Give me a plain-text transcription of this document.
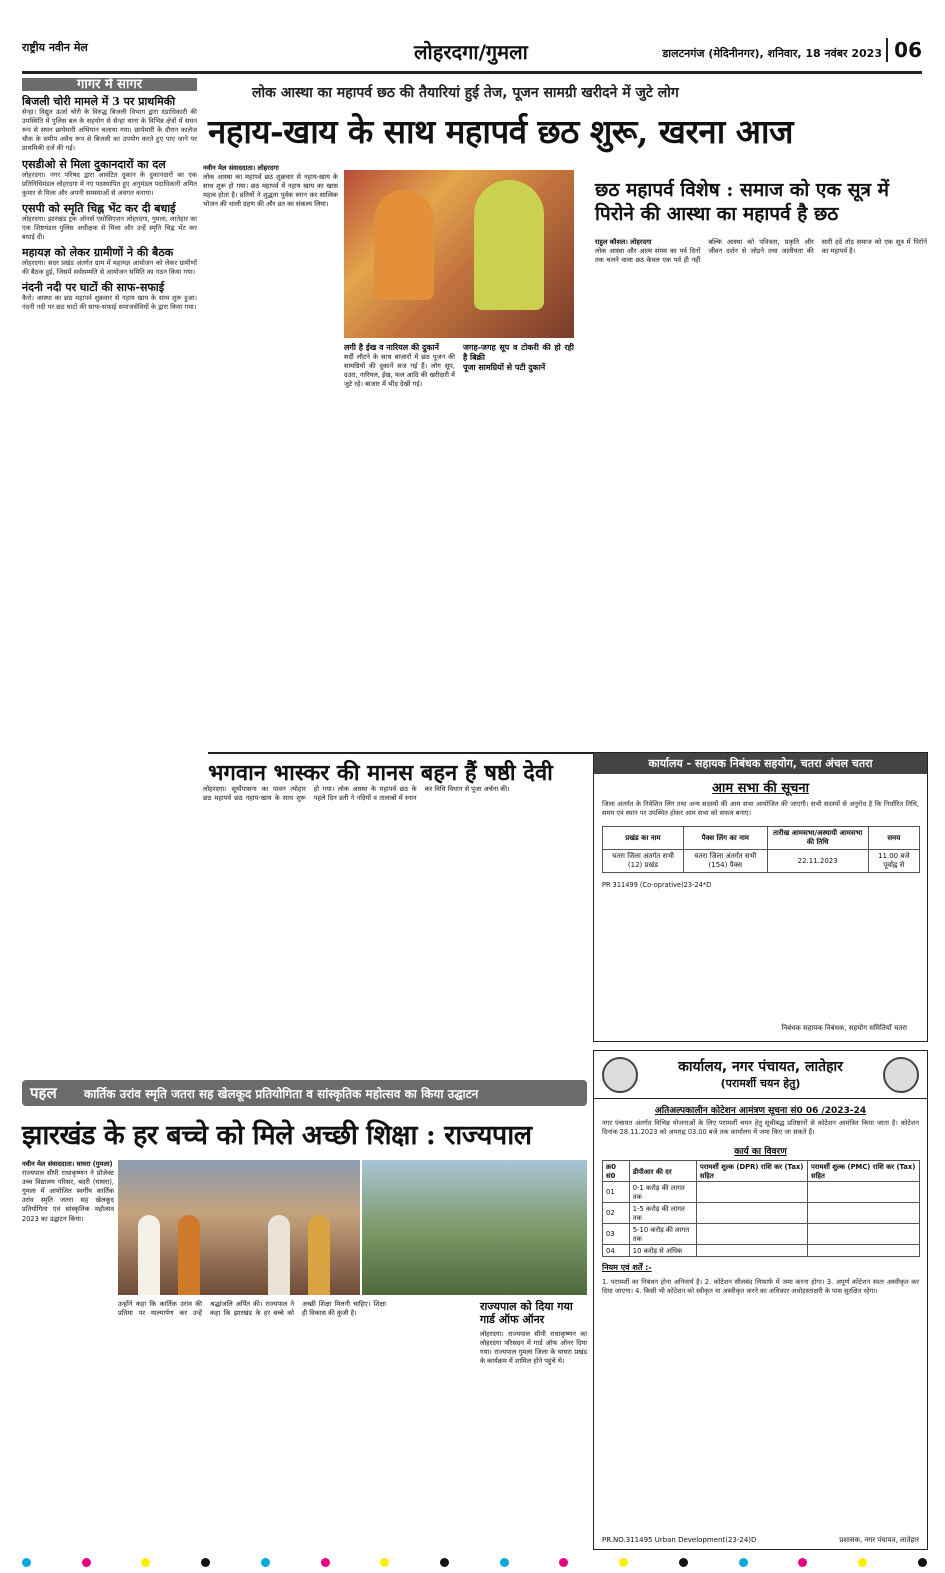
राष्ट्रीय नवीन मेल	लोहरदगा/गुमला	डालटनगंज (मेदिनीनगर), शनिवार, 18 नवंबर 2023 06
गागर में सागर
बिजली चोरी मामले में 3 पर प्राथमिकी

सेन्हा। विद्युत ऊर्जा चोरी के विरुद्ध बिजली विभाग द्वारा दंडाधिकारी की उपस्थिति में पुलिस बल के सहयोग से सेन्हा थाना के विभिन्न क्षेत्रों में सघन रूप से सघन छापेमारी अभियान चलाया गया। छापेमारी के दौरान कालेज चौक के समीप अवैध रूप से बिजली का उपयोग करते हुए पाए जाने पर प्राथमिकी दर्ज की गई।

एसडीओ से मिला दुकानदारों का दल

लोहरदगा। नगर परिषद द्वारा आवंटित दुकान के दुकानदारों का एक प्रतिनिधिमंडल लोहरदगा में नए पदस्थापित हुए अनुमंडल पदाधिकारी अमित कुमार से मिला और अपनी समस्याओं से अवगत कराया।

एसपी को स्मृति चिह्न भेंट कर दी बधाई

लोहरदगा। झारखंड ट्रक ऑनर्स एसोसिएशन लोहरदगा, गुमला, लातेहार का एक शिष्टमंडल पुलिस अधीक्षक से मिला और उन्हें स्मृति चिह्न भेंट कर बधाई दी।

महायज्ञ को लेकर ग्रामीणों ने की बैठक

लोहरदगा। सदर प्रखंड अंतर्गत ग्राम में महायज्ञ आयोजन को लेकर ग्रामीणों की बैठक हुई, जिसमें सर्वसम्मति से आयोजन समिति का गठन किया गया।

नंदनी नदी पर घाटों की साफ-सफाई

कैरो। आस्था का छठ महापर्व शुक्रवार से नहाय खाय के साथ शुरू हुआ। नंदनी नदी पर छठ घाटों की साफ-सफाई समाजसेवियों के द्वारा किया गया।

लोक आस्था का महापर्व छठ की तैयारियां हुई तेज, पूजन सामग्री खरीदने में जुटे लोग
नहाय-खाय के साथ महापर्व छठ शुरू, खरना आज
नवीन मेल संवाददाता। लोहरदगा

लोक आस्था का महापर्व छठ शुक्रवार से नहाय-खाय के साथ शुरू हो गया। छठ महापर्व में नहाय खाय का खास महत्व होता है। व्रतियों ने शुद्धता पूर्वक स्नान कर सात्विक भोजन की थाली ग्रहण की और व्रत का संकल्प लिया।

लगी है ईख व नारियल की दुकानें

सर्दी लौटने के साथ बाजारों में छठ पूजन की सामग्रियों की दुकानें सज गई हैं। लोग सूप, दउरा, नारियल, ईख, फल आदि की खरीदारी में जुटे रहे। बाजार में भीड़ देखी गई।

जगह-जगह सूप व टोकरी की हो रही है बिक्री
पूजा सामग्रियों से पटी दुकानें
छठ महापर्व विशेष : समाज को एक सूत्र में पिरोने की आस्था का महापर्व है छठ
राहुल कौशल। लोहरदगा

लोक आस्था और आत्म संयम का पर्व दिनों तक चलने वाला छठ केवल एक पर्व ही नहीं बल्कि आस्था को पवित्रता, प्रकृति और जीवन दर्शन से जोड़ने तथा जातीयता की सारी हदें तोड़ समाज को एक सूत्र में पिरोने का महापर्व है।

भगवान भास्कर की मानस बहन हैं षष्ठी देवी

लोहरदगा। सूर्योपासना का पावन त्योहार छठ महापर्व छठ नहाय-खाय के साथ शुरू हो गया। लोक आस्था के महापर्व छठ के पहले दिन व्रती ने नदियों व तालाबों में स्नान कर विधि विधान से पूजा अर्चना की।

कार्यालय - सहायक निबंधक सहयोग, चतरा अंचल चतरा
आम सभा की सूचना
जिला अंतर्गत के निवेशित लिंग तथा अन्य सदस्यों की आम सभा आयोजित की जाएगी। सभी सदस्यों से अनुरोध है कि निर्धारित तिथि, समय एवं स्थान पर उपस्थित होकर आम सभा को सफल बनाएं।
प्रखंड का नाम	पैक्स लिंग का नाम	तारीख आमसभा/अस्थायी आमसभा की तिथि	समय
चतरा जिला अंतर्गत सभी (12) प्रखंड	चतरा जिला अंतर्गत सभी (154) पैक्स	22.11.2023	11.00 बजे पूर्वाह्न से
PR 311499 (Co-oprative)23-24*D
निबंधक सहायक निबंधक, सहयोग समितियाँ चतरा
कार्यालय, नगर पंचायत, लातेहार
(परामर्शी चयन हेतु)
अतिअल्पकालीन कोटेशन आमंत्रण सूचना सं0 06 /2023-24
नगर पंचायत अंतर्गत विभिन्न योजनाओं के लिए परामर्शी चयन हेतु सूचीबद्ध प्रतिष्ठानों से कोटेशन आमंत्रित किया जाता है। कोटेशन दिनांक 28.11.2023 को अपराह्न 03.00 बजे तक कार्यालय में जमा किए जा सकते हैं।
कार्य का विवरण
क्र0 सं0	डीपीआर की दर	परामर्शी शुल्क (DPR) राशि कर (Tax) सहित	परामर्शी शुल्क (PMC) राशि कर (Tax) सहित
01	0-1 करोड़ की लागत तक		
02	1-5 करोड़ की लागत तक		
03	5-10 करोड़ की लागत तक		
04	10 करोड़ से अधिक		
नियम एवं शर्तें :-
1. परामर्शी का निबंधन होना अनिवार्य है। 2. कोटेशन सीलबंद लिफाफे में जमा करना होगा। 3. अपूर्ण कोटेशन स्वतः अस्वीकृत कर दिया जाएगा। 4. किसी भी कोटेशन को स्वीकृत या अस्वीकृत करने का अधिकार अधोहस्ताक्षरी के पास सुरक्षित रहेगा।
PR.NO.311495 Urban Development(23-24)D	प्रशासक, नगर पंचायत, लातेहार
पहल कार्तिक उरांव स्मृति जतरा सह खेलकूद प्रतियोगिता व सांस्कृतिक महोत्सव का किया उद्घाटन
झारखंड के हर बच्चे को मिले अच्छी शिक्षा : राज्यपाल
नवीन मेल संवाददाता। घाघरा (गुमला)

राज्यपाल सीपी राधाकृष्णन ने प्रोजेक्ट उच्च विद्यालय परिसर, बदरी (घाघरा), गुमला में आयोजित स्वर्गीय कार्तिक उरांव स्मृति जतरा सह खेलकूद प्रतियोगिता एवं सांस्कृतिक महोत्सव 2023 का उद्घाटन किया।

उन्होंने कहा कि कार्तिक उरांव की प्रतिमा पर माल्यार्पण कर उन्हें श्रद्धांजलि अर्पित की। राज्यपाल ने कहा कि झारखंड के हर बच्चे को अच्छी शिक्षा मिलनी चाहिए। शिक्षा ही विकास की कुंजी है।

राज्यपाल को दिया गया गार्ड ऑफ ऑनर

लोहरदगा। राज्यपाल सीपी राधाकृष्णन का लोहरदगा परिसदन में गार्ड ऑफ ऑनर दिया गया। राज्यपाल गुमला जिला के घाघरा प्रखंड के कार्यक्रम में शामिल होने पहुंचे थे।
